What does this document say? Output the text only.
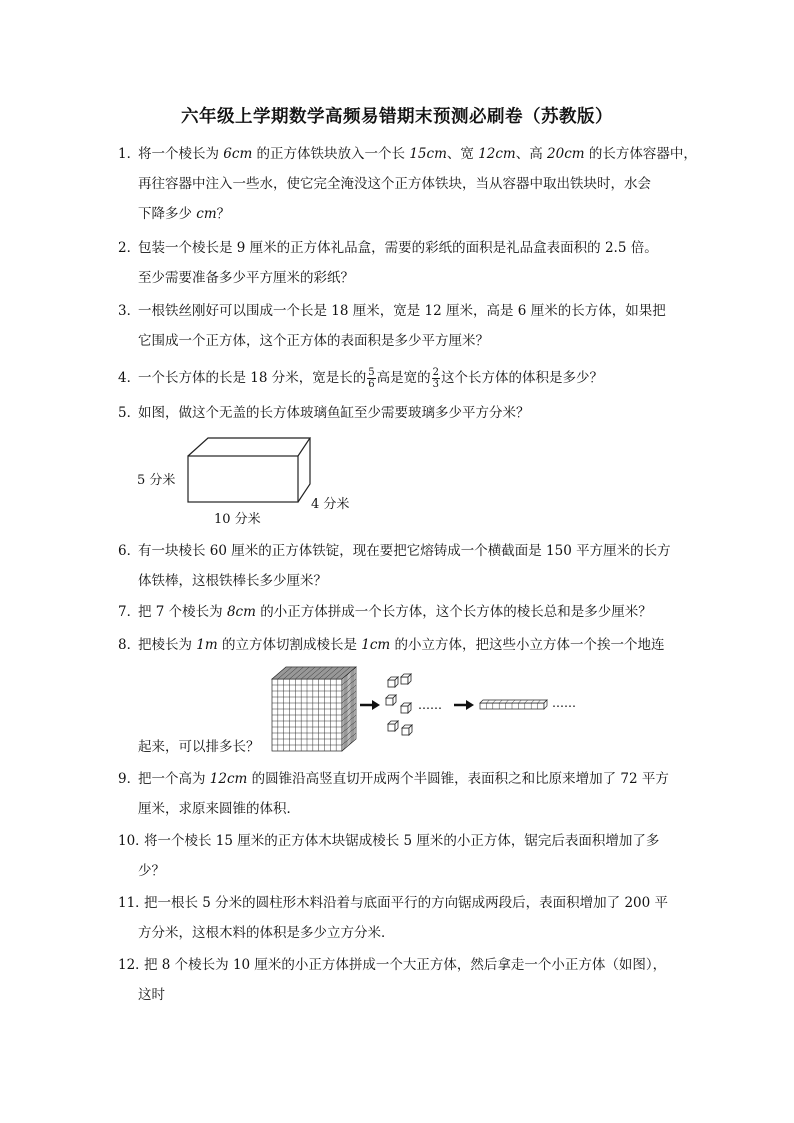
六年级上学期数学高频易错期末预测必刷卷（苏教版）
1．将一个棱长为 6cm 的正方体铁块放入一个长 15cm、宽 12cm、高 20cm 的长方体容器中，
再往容器中注入一些水，使它完全淹没这个正方体铁块，当从容器中取出铁块时，水会
下降多少 cm？
2．包装一个棱长是 9 厘米的正方体礼品盒，需要的彩纸的面积是礼品盒表面积的 2.5 倍。
至少需要准备多少平方厘米的彩纸？
3．一根铁丝刚好可以围成一个长是 18 厘米，宽是 12 厘米，高是 6 厘米的长方体，如果把
它围成一个正方体，这个正方体的表面积是多少平方厘米？
4．一个长方体的长是 18 分米，宽是长的 $\frac{5}{6}$ 高是宽的 $\frac{2}{3}$ 这个长方体的体积是多少？
5．如图，做这个无盖的长方体玻璃鱼缸至少需要玻璃多少平方分米？
5 分米
10 分米
4 分米
6．有一块棱长 60 厘米的正方体铁锭，现在要把它熔铸成一个横截面是 150 平方厘米的长方
体铁棒，这根铁棒长多少厘米？
7．把 7 个棱长为 8cm 的小正方体拼成一个长方体，这个长方体的棱长总和是多少厘米？
8．把棱长为 1m 的立方体切割成棱长是 1cm 的小立方体，把这些小立方体一个挨一个地连
起来，可以排多长？
……	……
9．把一个高为 12cm 的圆锥沿高竖直切开成两个半圆锥，表面积之和比原来增加了 72 平方
厘米，求原来圆锥的体积．
10．将一个棱长 15 厘米的正方体木块锯成棱长 5 厘米的小正方体，锯完后表面积增加了多
少？
11．把一根长 5 分米的圆柱形木料沿着与底面平行的方向锯成两段后，表面积增加了 200 平
方分米，这根木料的体积是多少立方分米．
12．把 8 个棱长为 10 厘米的小正方体拼成一个大正方体，然后拿走一个小正方体（如图），
这时
